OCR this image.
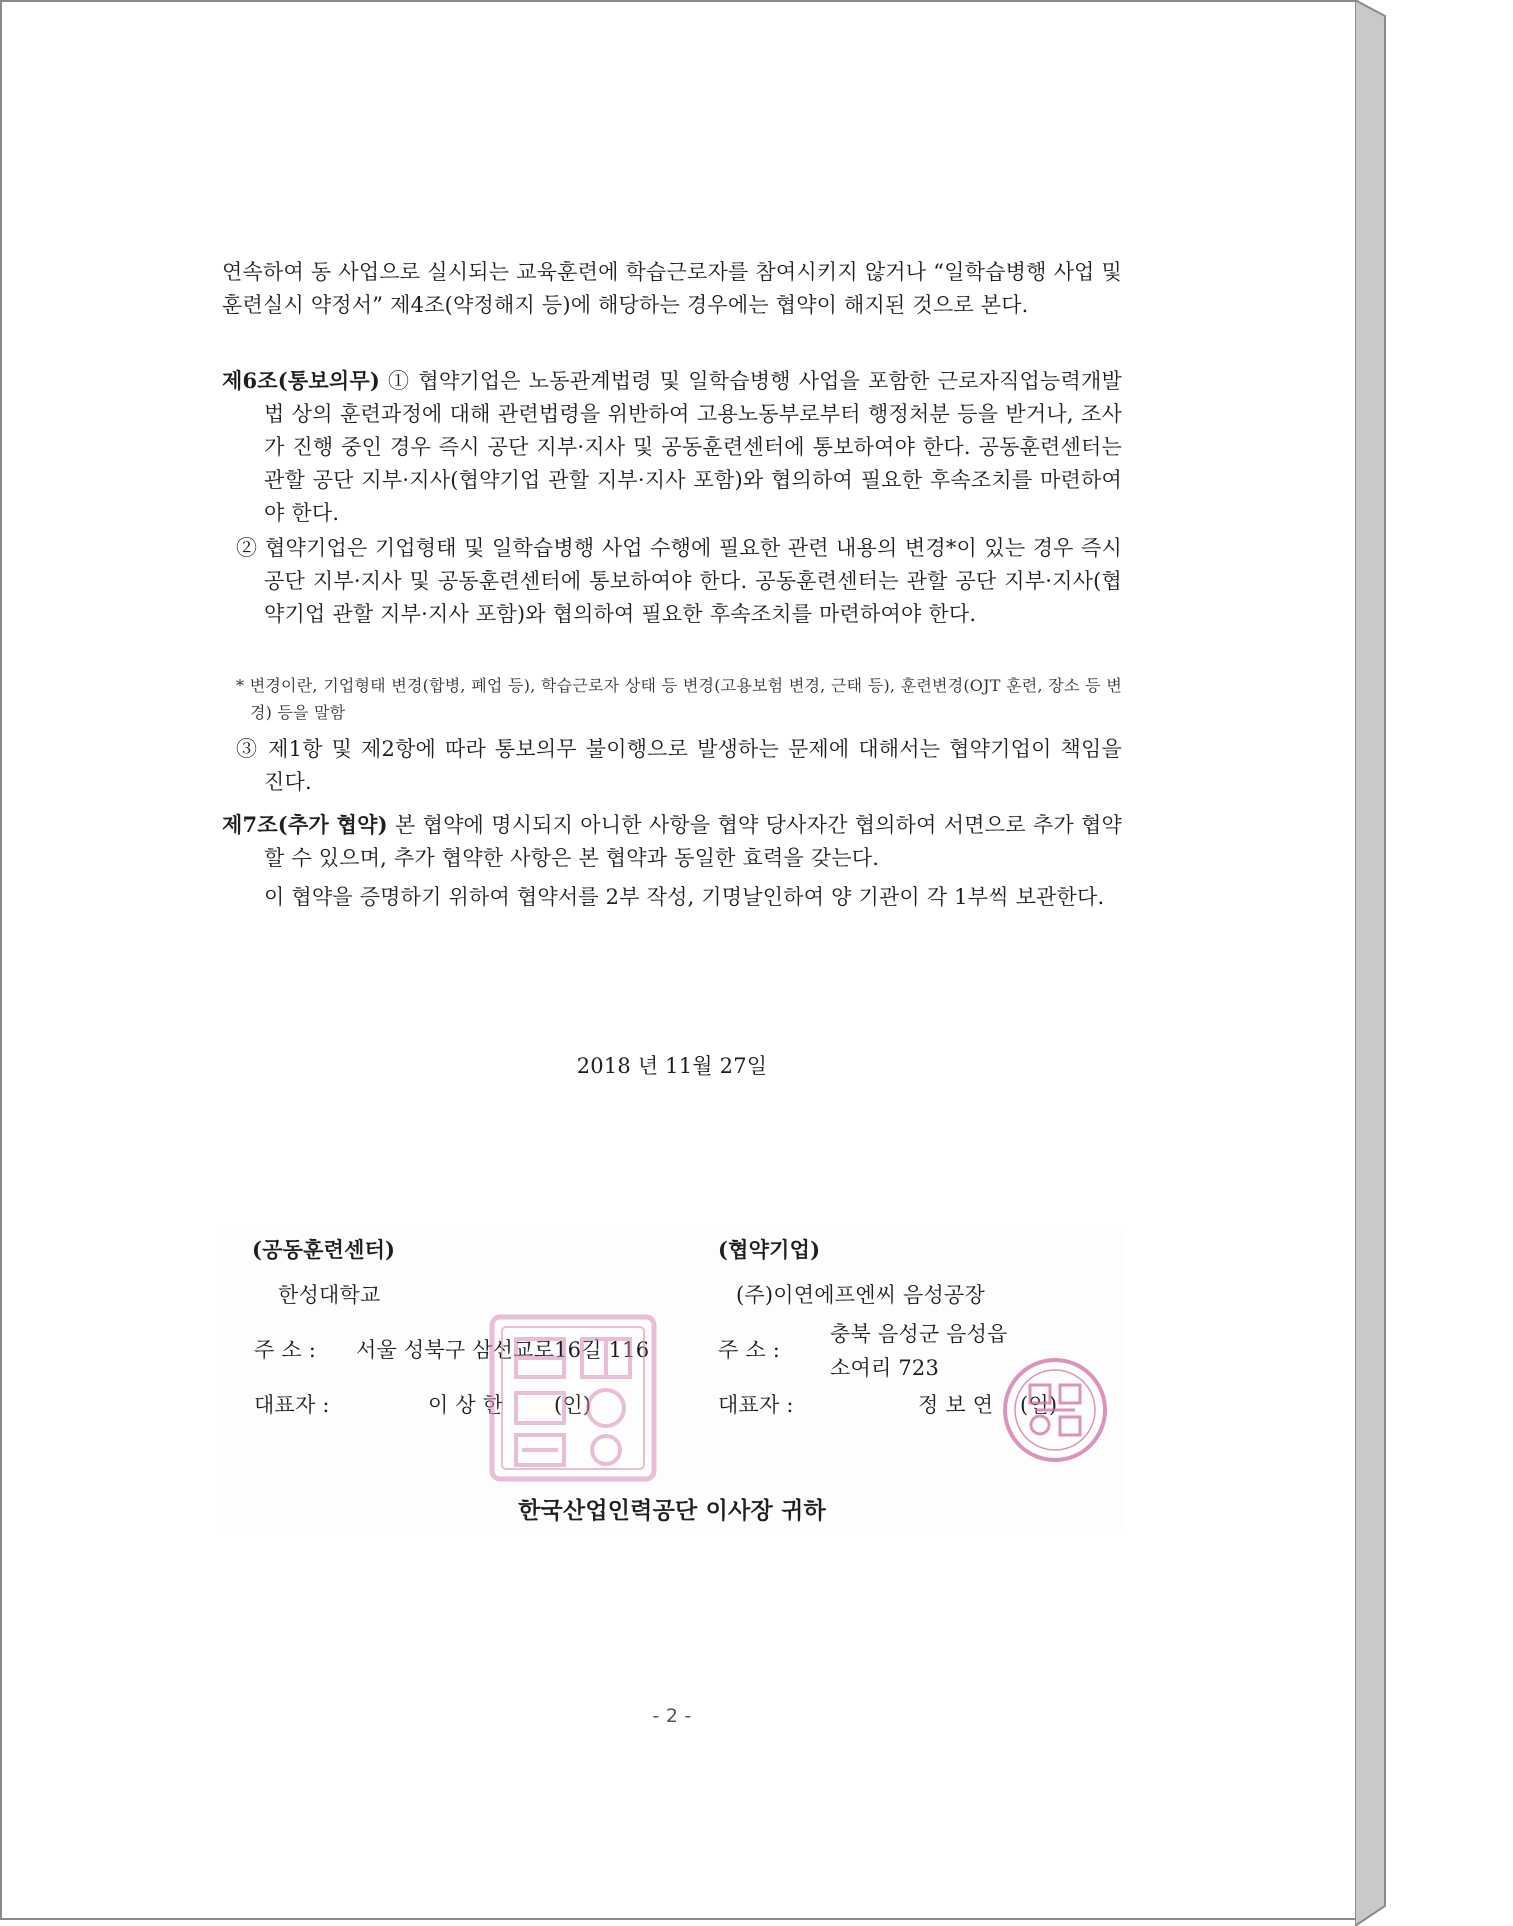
연속하여 동 사업으로 실시되는 교육훈련에 학습근로자를 참여시키지 않거나 “일학습병행 사업 및 훈련실시 약정서” 제4조(약정해지 등)에 해당하는 경우에는 협약이 해지된 것으로 본다.
제6조(통보의무) ① 협약기업은 노동관계법령 및 일학습병행 사업을 포함한 근로자직업능력개발법 상의 훈련과정에 대해 관련법령을 위반하여 고용노동부로부터 행정처분 등을 받거나, 조사가 진행 중인 경우 즉시 공단 지부·지사 및 공동훈련센터에 통보하여야 한다. 공동훈련센터는 관할 공단 지부·지사(협약기업 관할 지부·지사 포함)와 협의하여 필요한 후속조치를 마련하여야 한다.
② 협약기업은 기업형태 및 일학습병행 사업 수행에 필요한 관련 내용의 변경*이 있는 경우 즉시 공단 지부·지사 및 공동훈련센터에 통보하여야 한다. 공동훈련센터는 관할 공단 지부·지사(협약기업 관할 지부·지사 포함)와 협의하여 필요한 후속조치를 마련하여야 한다.
* 변경이란, 기업형태 변경(합병, 폐업 등), 학습근로자 상태 등 변경(고용보험 변경, 근태 등), 훈련변경(OJT 훈련, 장소 등 변경) 등을 말함
③ 제1항 및 제2항에 따라 통보의무 불이행으로 발생하는 문제에 대해서는 협약기업이 책임을 진다.
제7조(추가 협약) 본 협약에 명시되지 아니한 사항을 협약 당사자간 협의하여 서면으로 추가 협약할 수 있으며, 추가 협약한 사항은 본 협약과 동일한 효력을 갖는다.
이 협약을 증명하기 위하여 협약서를 2부 작성, 기명날인하여 양 기관이 각 1부씩 보관한다.
2018 년 11월 27일
(공동훈련센터)
한성대학교
주 소 : 서울 성북구 삼선교로16길 116
대표자 :	이 상 한 (인)
(협약기업)
(주)이연에프엔씨 음성공장
주 소 :
충북 음성군 음성읍
소여리 723
대표자 :	정 보 연 (인)
한국산업인력공단 이사장 귀하
- 2 -
